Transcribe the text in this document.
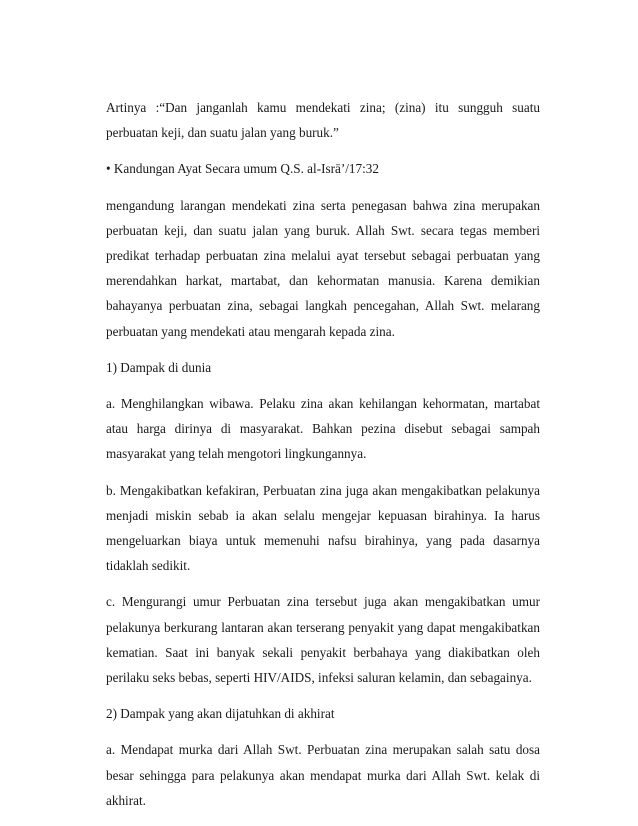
Artinya :“Dan janganlah kamu mendekati zina; (zina) itu sungguh suatu perbuatan keji, dan suatu jalan yang buruk.”

• Kandungan Ayat Secara umum Q.S. al-Isrā’/17:32

mengandung larangan mendekati zina serta penegasan bahwa zina merupakan perbuatan keji, dan suatu jalan yang buruk. Allah Swt. secara tegas memberi predikat terhadap perbuatan zina melalui ayat tersebut sebagai perbuatan yang merendahkan harkat, martabat, dan kehormatan manusia. Karena demikian bahayanya perbuatan zina, sebagai langkah pencegahan, Allah Swt. melarang perbuatan yang mendekati atau mengarah kepada zina.

1) Dampak di dunia

a. Menghilangkan wibawa. Pelaku zina akan kehilangan kehormatan, martabat atau harga dirinya di masyarakat. Bahkan pezina disebut sebagai sampah masyarakat yang telah mengotori lingkungannya.

b. Mengakibatkan kefakiran, Perbuatan zina juga akan mengakibatkan pelakunya menjadi miskin sebab ia akan selalu mengejar kepuasan birahinya. Ia harus mengeluarkan biaya untuk memenuhi nafsu birahinya, yang pada dasarnya tidaklah sedikit.

c. Mengurangi umur Perbuatan zina tersebut juga akan mengakibatkan umur pelakunya berkurang lantaran akan terserang penyakit yang dapat mengakibatkan kematian. Saat ini banyak sekali penyakit berbahaya yang diakibatkan oleh perilaku seks bebas, seperti HIV/AIDS, infeksi saluran kelamin, dan sebagainya.

2) Dampak yang akan dijatuhkan di akhirat

a. Mendapat murka dari Allah Swt. Perbuatan zina merupakan salah satu dosa besar sehingga para pelakunya akan mendapat murka dari Allah Swt. kelak di akhirat.
